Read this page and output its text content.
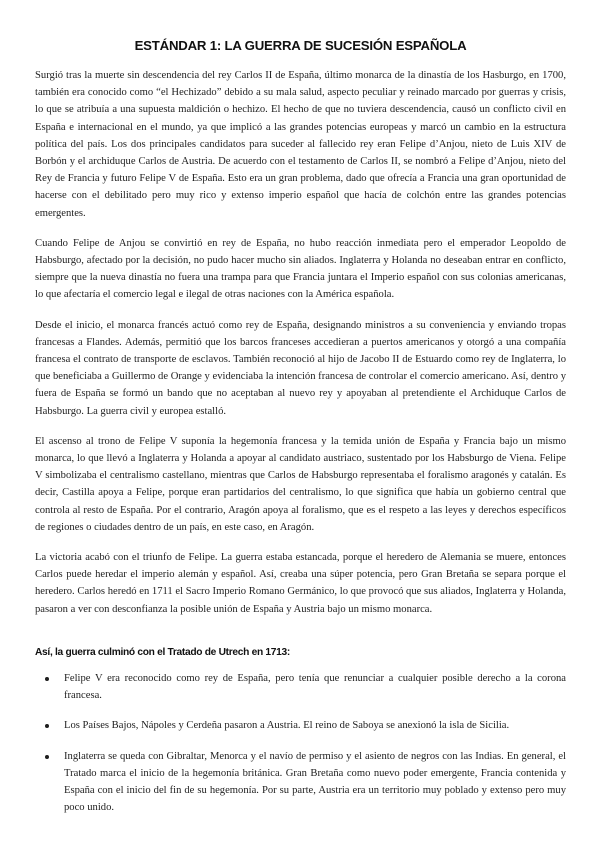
ESTÁNDAR 1: LA GUERRA DE SUCESIÓN ESPAÑOLA

Surgió tras la muerte sin descendencia del rey Carlos II de España, último monarca de la dinastía de los Hasburgo, en 1700, también era conocido como “el Hechizado” debido a su mala salud, aspecto peculiar y reinado marcado por guerras y crisis, lo que se atribuía a una supuesta maldición o hechizo. El hecho de que no tuviera descendencia, causó un conflicto civil en España e internacional en el mundo, ya que implicó a las grandes potencias europeas y marcó un cambio en la estructura política del país. Los dos principales candidatos para suceder al fallecido rey eran Felipe d’Anjou, nieto de Luis XIV de Borbón y el archiduque Carlos de Austria. De acuerdo con el testamento de Carlos II, se nombró a Felipe d’Anjou, nieto del Rey de Francia y futuro Felipe V de España. Esto era un gran problema, dado que ofrecía a Francia una gran oportunidad de hacerse con el debilitado pero muy rico y extenso imperio español que hacía de colchón entre las grandes potencias emergentes.

Cuando Felipe de Anjou se convirtió en rey de España, no hubo reacción inmediata pero el emperador Leopoldo de Habsburgo, afectado por la decisión, no pudo hacer mucho sin aliados. Inglaterra y Holanda no deseaban entrar en conflicto, siempre que la nueva dinastía no fuera una trampa para que Francia juntara el Imperio español con sus colonias americanas, lo que afectaría el comercio legal e ilegal de otras naciones con la América española.

Desde el inicio, el monarca francés actuó como rey de España, designando ministros a su conveniencia y enviando tropas francesas a Flandes. Además, permitió que los barcos franceses accedieran a puertos americanos y otorgó a una compañía francesa el contrato de transporte de esclavos. También reconoció al hijo de Jacobo II de Estuardo como rey de Inglaterra, lo que beneficiaba a Guillermo de Orange y evidenciaba la intención francesa de controlar el comercio americano. Así, dentro y fuera de España se formó un bando que no aceptaban al nuevo rey y apoyaban al pretendiente el Archiduque Carlos de Habsburgo. La guerra civil y europea estalló.

El ascenso al trono de Felipe V suponía la hegemonía francesa y la temida unión de España y Francia bajo un mismo monarca, lo que llevó a Inglaterra y Holanda a apoyar al candidato austriaco, sustentado por los Habsburgo de Viena. Felipe V simbolizaba el centralismo castellano, mientras que Carlos de Habsburgo representaba el foralismo aragonés y catalán. Es decir, Castilla apoya a Felipe, porque eran partidarios del centralismo, lo que significa que había un gobierno central que controla al resto de España. Por el contrario, Aragón apoya al foralismo, que es el respeto a las leyes y derechos específicos de regiones o ciudades dentro de un país, en este caso, en Aragón.

La victoria acabó con el triunfo de Felipe. La guerra estaba estancada, porque el heredero de Alemania se muere, entonces Carlos puede heredar el imperio alemán y español. Así, creaba una súper potencia, pero Gran Bretaña se separa porque el heredero. Carlos heredó en 1711 el Sacro Imperio Romano Germánico, lo que provocó que sus aliados, Inglaterra y Holanda, pasaron a ver con desconfianza la posible unión de España y Austria bajo un mismo monarca.

Así, la guerra culminó con el Tratado de Utrech en 1713:
Felipe V era reconocido como rey de España, pero tenía que renunciar a cualquier posible derecho a la corona francesa.
Los Países Bajos, Nápoles y Cerdeña pasaron a Austria. El reino de Saboya se anexionó la isla de Sicilia.
Inglaterra se queda con Gibraltar, Menorca y el navío de permiso y el asiento de negros con las Indias. En general, el Tratado marca el inicio de la hegemonía británica. Gran Bretaña como nuevo poder emergente, Francia contenida y España con el inicio del fin de su hegemonía. Por su parte, Austria era un territorio muy poblado y extenso pero muy poco unido.
